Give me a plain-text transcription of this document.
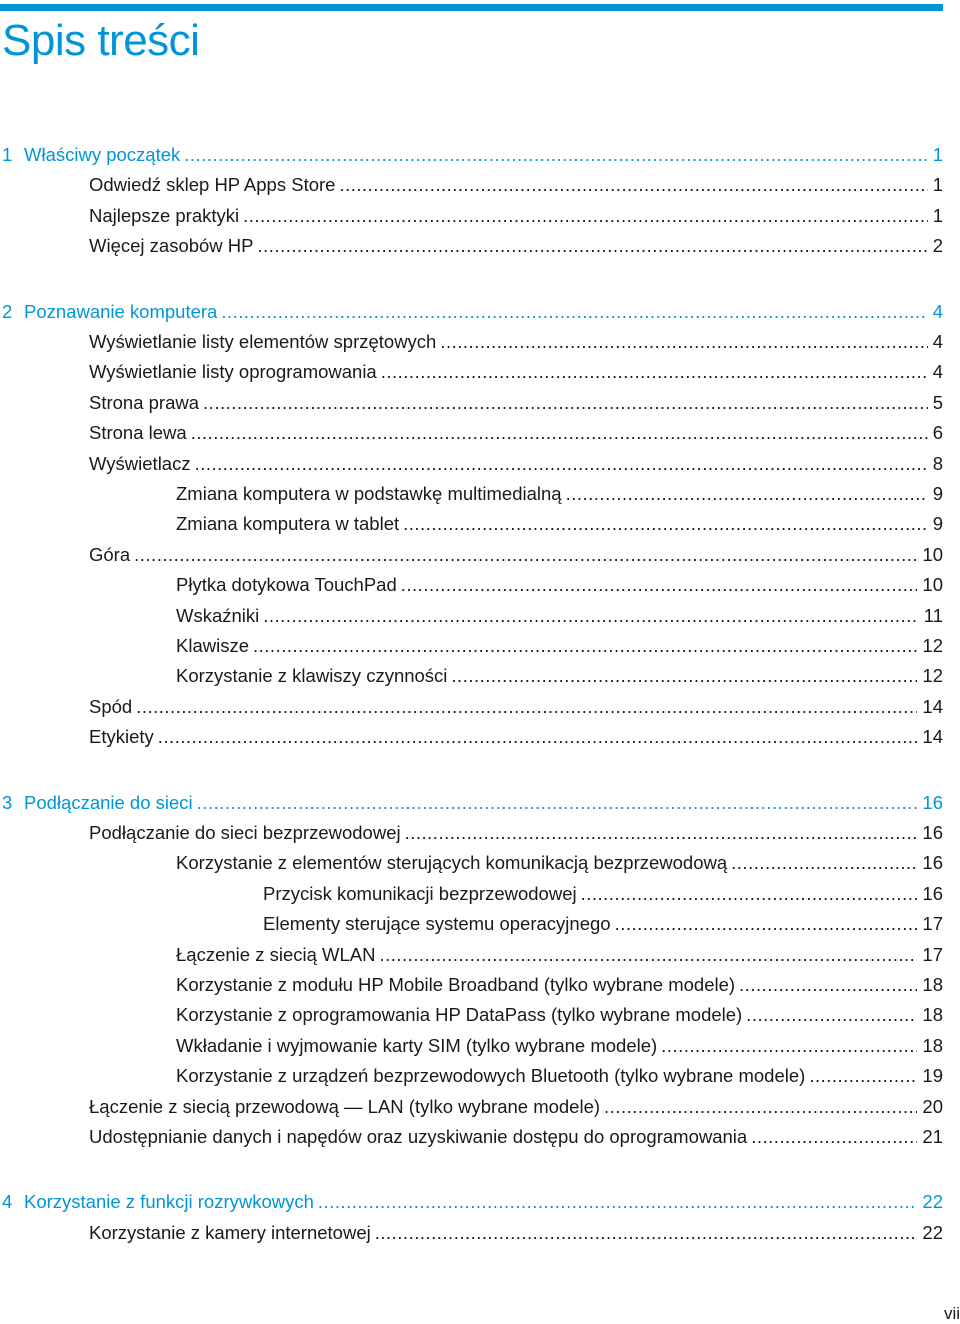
Spis treści
1 Właściwy początek .....	1
Odwiedź sklep HP Apps Store .....	1
Najlepsze praktyki .....	1
Więcej zasobów HP .....	2
2 Poznawanie komputera .....	4
Wyświetlanie listy elementów sprzętowych .....	4
Wyświetlanie listy oprogramowania .....	4
Strona prawa .....	5
Strona lewa .....	6
Wyświetlacz .....	8
Zmiana komputera w podstawkę multimedialną .....	9
Zmiana komputera w tablet .....	9
Góra .....	10
Płytka dotykowa TouchPad .....	10
Wskaźniki .....	11
Klawisze .....	12
Korzystanie z klawiszy czynności .....	12
Spód .....	14
Etykiety .....	14
3 Podłączanie do sieci .....	16
Podłączanie do sieci bezprzewodowej .....	16
Korzystanie z elementów sterujących komunikacją bezprzewodową .....	16
Przycisk komunikacji bezprzewodowej .....	16
Elementy sterujące systemu operacyjnego .....	17
Łączenie z siecią WLAN .....	17
Korzystanie z modułu HP Mobile Broadband (tylko wybrane modele) .....	18
Korzystanie z oprogramowania HP DataPass (tylko wybrane modele) .....	18
Wkładanie i wyjmowanie karty SIM (tylko wybrane modele) .....	18
Korzystanie z urządzeń bezprzewodowych Bluetooth (tylko wybrane modele) .....	19
Łączenie z siecią przewodową — LAN (tylko wybrane modele) .....	20
Udostępnianie danych i napędów oraz uzyskiwanie dostępu do oprogramowania .....	21
4 Korzystanie z funkcji rozrywkowych .....	22
Korzystanie z kamery internetowej .....	22
vii
